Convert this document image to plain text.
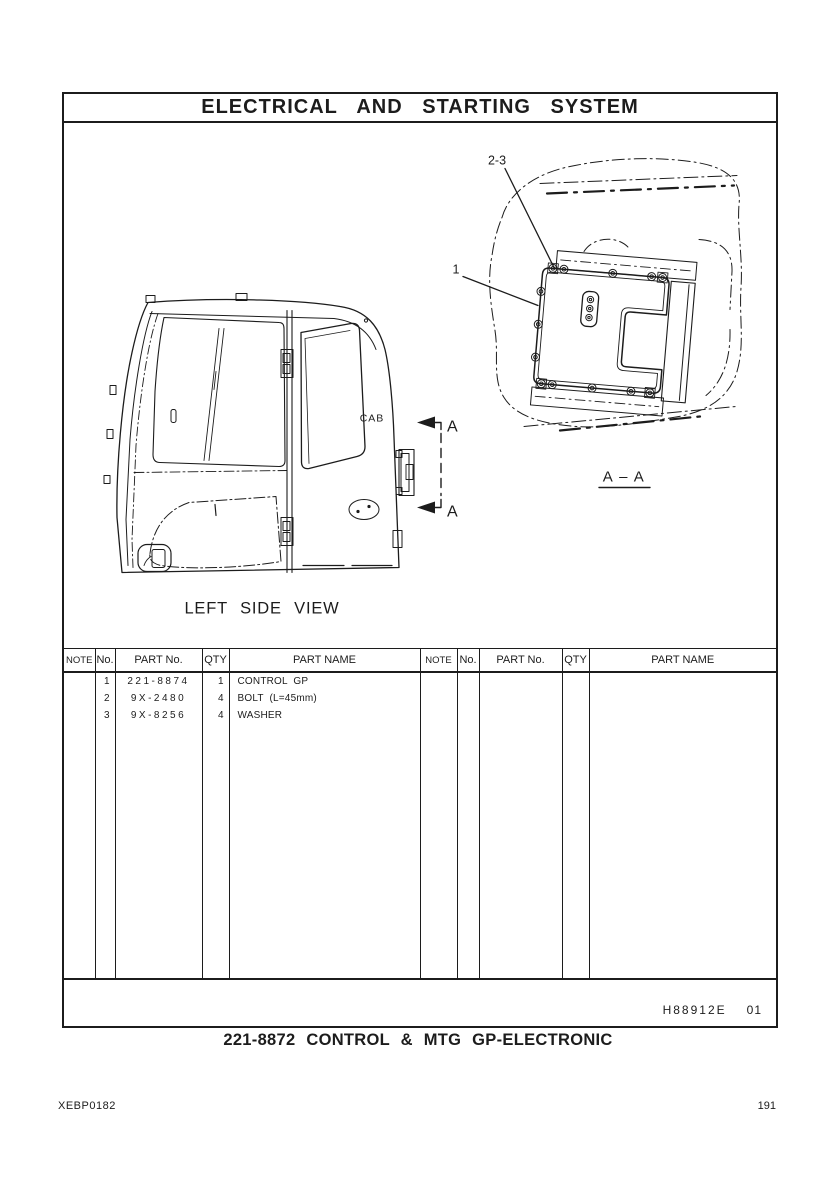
ELECTRICAL AND STARTING SYSTEM
A
A
CAB
LEFT SIDE VIEW
2-3
1
A – A
NOTE	No.	PART No.	QTY	PART NAME	NOTE	No.	PART No.	QTY	PART NAME
	1	221-8874	1	CONTROL GP					
	2	9X-2480	4	BOLT (L=45mm)					
	3	9X-8256	4	WASHER					

H88912E 01
221-8872 CONTROL & MTG GP-ELECTRONIC
XEBP0182	191
